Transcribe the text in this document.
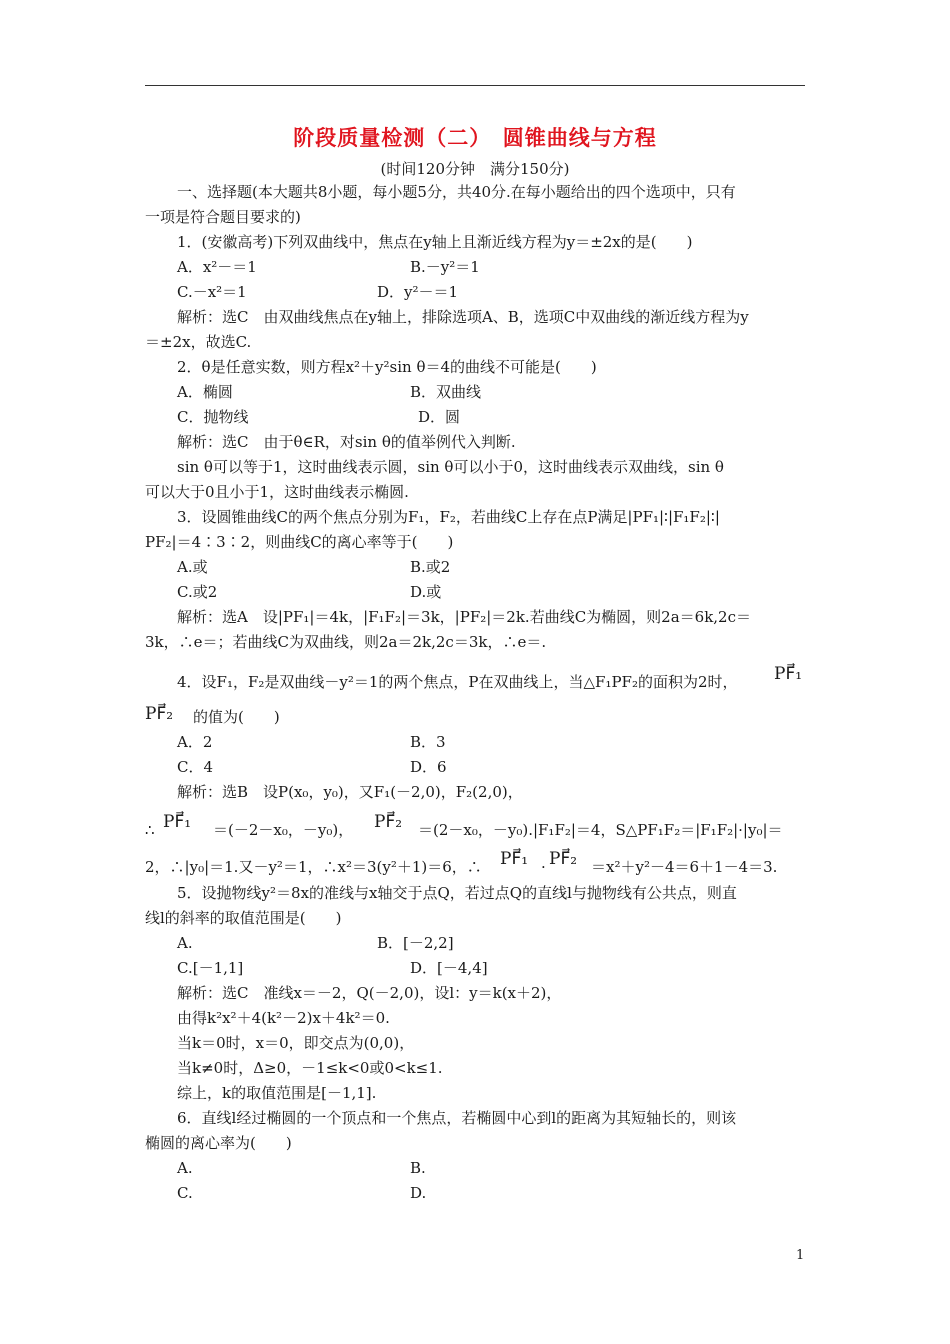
阶段质量检测（二）　圆锥曲线与方程
(时间120分钟　满分150分)
一、选择题(本大题共8小题，每小题5分，共40分.在每小题给出的四个选项中，只有
一项是符合题目要求的)
1．(安徽高考)下列双曲线中，焦点在y轴上且渐近线方程为y＝±2x的是(　　)
A．x²－＝1	B.－y²＝1
C.－x²＝1	D．y²－＝1
解析：选C　由双曲线焦点在y轴上，排除选项A、B，选项C中双曲线的渐近线方程为y
＝±2x，故选C.
2．θ是任意实数，则方程x²＋y²sin θ＝4的曲线不可能是(　　)
A．椭圆	B．双曲线
C．抛物线	D．圆
解析：选C　由于θ∈R，对sin θ的值举例代入判断.
sin θ可以等于1，这时曲线表示圆，sin θ可以小于0，这时曲线表示双曲线，sin θ
可以大于0且小于1，这时曲线表示椭圆.
3．设圆锥曲线C的两个焦点分别为F₁，F₂，若曲线C上存在点P满足|PF₁|∶|F₁F₂|∶|
PF₂|＝4∶3∶2，则曲线C的离心率等于(　　)
A.或	B.或2
C.或2	D.或
解析：选A　设|PF₁|＝4k，|F₁F₂|＝3k，|PF₂|＝2k.若曲线C为椭圆，则2a＝6k,2c＝
3k，∴e＝；若曲线C为双曲线，则2a＝2k,2c＝3k，∴e＝.
4．设F₁，F₂是双曲线－y²＝1的两个焦点，P在双曲线上，当△F₁PF₂的面积为2时， PF⃗₁
PF⃗₂ 的值为(　　)
A．2	B．3
C．4	D．6
解析：选B　设P(x₀，y₀)，又F₁(－2,0)，F₂(2,0)，
∴ PF⃗₁ ＝(－2－x₀，－y₀)， PF⃗₂ ＝(2－x₀，－y₀).|F₁F₂|＝4，S△PF₁F₂＝|F₁F₂|·|y₀|＝
2，∴|y₀|＝1.又－y²＝1，∴x²＝3(y²＋1)＝6，∴ PF⃗₁ · PF⃗₂ ＝x²＋y²－4＝6＋1－4＝3.
5．设抛物线y²＝8x的准线与x轴交于点Q，若过点Q的直线l与抛物线有公共点，则直
线l的斜率的取值范围是(　　)
A.	B．[－2,2]
C.[－1,1]	D．[－4,4]
解析：选C　准线x＝－2，Q(－2,0)，设l：y＝k(x＋2)，
由得k²x²＋4(k²－2)x＋4k²＝0.
当k＝0时，x＝0，即交点为(0,0)，
当k≠0时，Δ≥0，－1≤k<0或0<k≤1.
综上，k的取值范围是[－1,1].
6．直线l经过椭圆的一个顶点和一个焦点，若椭圆中心到l的距离为其短轴长的，则该
椭圆的离心率为(　　)
A.	B.
C.	D.
1
